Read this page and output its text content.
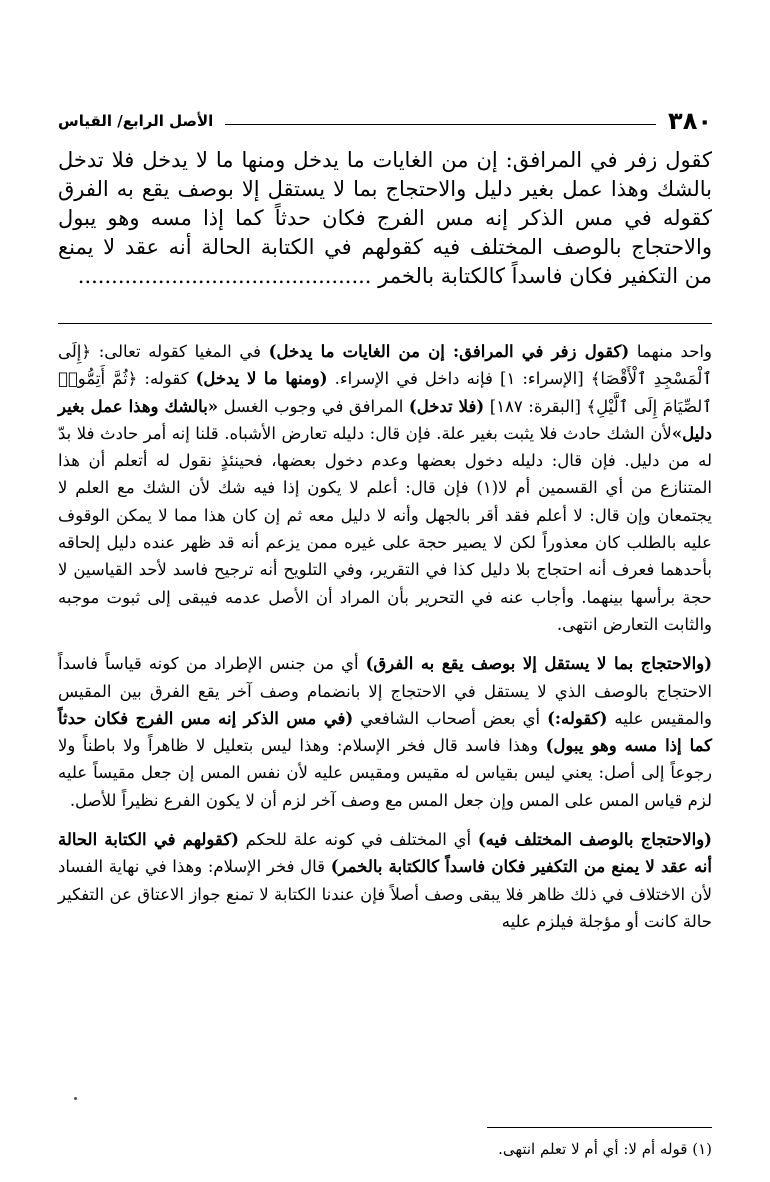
٣٨٠
الأصل الرابع/ القياس

كقول زفر في المرافق: إن من الغايات ما يدخل ومنها ما لا يدخل فلا تدخل بالشك وهذا عمل بغير دليل والاحتجاج بما لا يستقل إلا بوصف يقع به الفرق كقوله في مس الذكر إنه مس الفرج فكان حدثاً كما إذا مسه وهو يبول والاحتجاج بالوصف المختلف فيه كقولهم في الكتابة الحالة أنه عقد لا يمنع من التكفير فكان فاسداً كالكتابة بالخمر ............................................

واحد منهما (كقول زفر في المرافق: إن من الغايات ما يدخل) في المغيا كقوله تعالى: ﴿إِلَى ٱلْمَسْجِدِ ٱلْأَقْصَا﴾ [الإسراء: ١] فإنه داخل في الإسراء. (ومنها ما لا يدخل) كقوله: ﴿ثُمَّ أَتِمُّوا۟ ٱلصِّيَامَ إِلَى ٱلَّيْلِ﴾ [البقرة: ١٨٧] (فلا تدخل) المرافق في وجوب الغسل «بالشك وهذا عمل بغير دليل»لأن الشك حادث فلا يثبت بغير علة. فإن قال: دليله تعارض الأشباه. قلنا إنه أمر حادث فلا بدّ له من دليل. فإن قال: دليله دخول بعضها وعدم دخول بعضها، فحينئذٍ نقول له أتعلم أن هذا المتنازع من أي القسمين أم لا(١) فإن قال: أعلم لا يكون إذا فيه شك لأن الشك مع العلم لا يجتمعان وإن قال: لا أعلم فقد أقر بالجهل وأنه لا دليل معه ثم إن كان هذا مما لا يمكن الوقوف عليه بالطلب كان معذوراً لكن لا يصير حجة على غيره ممن يزعم أنه قد ظهر عنده دليل إلحاقه بأحدهما فعرف أنه احتجاج بلا دليل كذا في التقرير، وفي التلويح أنه ترجيح فاسد لأحد القياسين لا حجة برأسها بينهما. وأجاب عنه في التحرير بأن المراد أن الأصل عدمه فيبقى إلى ثبوت موجبه والثابت التعارض انتهى.

(والاحتجاج بما لا يستقل إلا بوصف يقع به الفرق) أي من جنس الإطراد من كونه قياساً فاسداً الاحتجاج بالوصف الذي لا يستقل في الاحتجاج إلا بانضمام وصف آخر يقع الفرق بين المقيس والمقيس عليه (كقوله:) أي بعض أصحاب الشافعي (في مس الذكر إنه مس الفرج فكان حدثاً كما إذا مسه وهو يبول) وهذا فاسد قال فخر الإسلام: وهذا ليس بتعليل لا ظاهراً ولا باطناً ولا رجوعاً إلى أصل: يعني ليس بقياس له مقيس ومقيس عليه لأن نفس المس إن جعل مقيساً عليه لزم قياس المس على المس وإن جعل المس مع وصف آخر لزم أن لا يكون الفرع نظيراً للأصل.

(والاحتجاج بالوصف المختلف فيه) أي المختلف في كونه علة للحكم (كقولهم في الكتابة الحالة أنه عقد لا يمنع من التكفير فكان فاسداً كالكتابة بالخمر) قال فخر الإسلام: وهذا في نهاية الفساد لأن الاختلاف في ذلك ظاهر فلا يبقى وصف أصلاً فإن عندنا الكتابة لا تمنع جواز الاعتاق عن التفكير حالة كانت أو مؤجلة فيلزم عليه

(١) قوله أم لا: أي أم لا تعلم انتهى.
